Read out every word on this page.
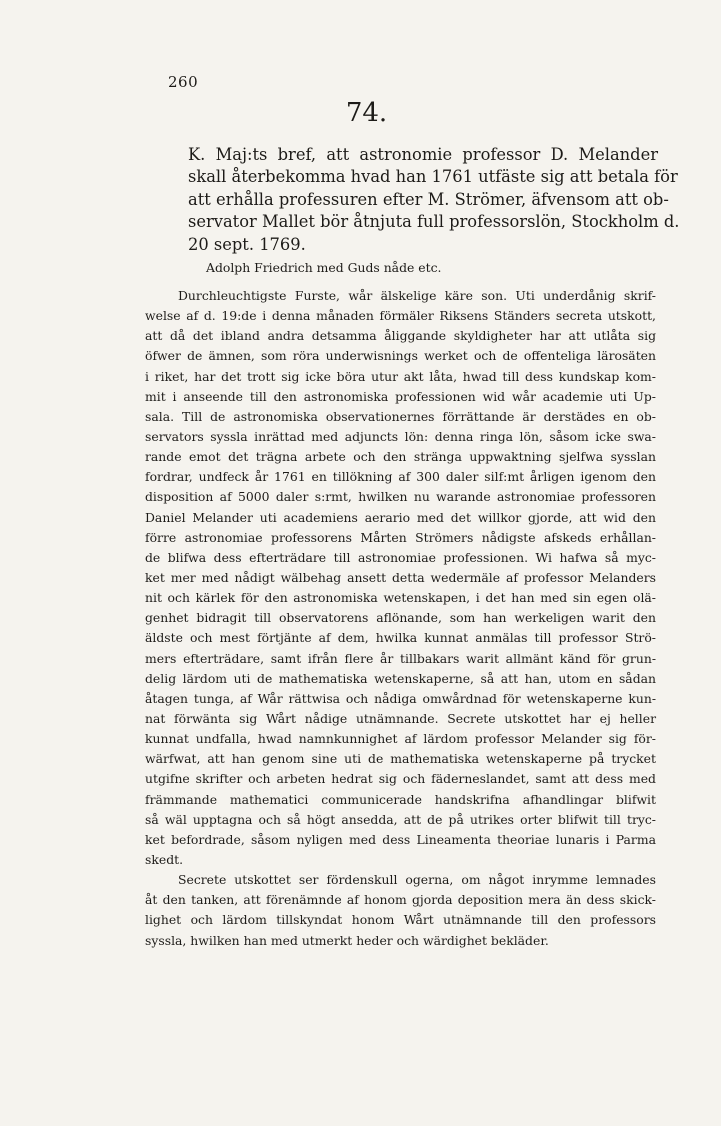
260
74.
K. Maj:ts bref, att astronomie professor D. Melander
skall återbekomma hvad han 1761 utfäste sig att betala för
att erhålla professuren efter M. Strömer, äfvensom att ob-
servator Mallet bör åtnjuta full professorslön, Stockholm d.
20 sept. 1769.
Adolph Friedrich med Guds nåde etc.
Durchleuchtigste Furste, wår älskelige käre son. Uti underdånig skrif-
welse af d. 19:de i denna månaden förmäler Riksens Ständers secreta utskott,
att då det ibland andra detsamma åliggande skyldigheter har att utlåta sig
öfwer de ämnen, som röra underwisnings werket och de offenteliga lärosäten
i riket, har det trott sig icke böra utur akt låta, hwad till dess kundskap kom-
mit i anseende till den astronomiska professionen wid wår academie uti Up-
sala. Till de astronomiska observationernes förrättande är derstädes en ob-
servators syssla inrättad med adjuncts lön: denna ringa lön, såsom icke swa-
rande emot det trägna arbete och den stränga uppwaktning sjelfwa sysslan
fordrar, undfeck år 1761 en tillökning af 300 daler silf:mt årligen igenom den
disposition af 5000 daler s:rmt, hwilken nu warande astronomiae professoren
Daniel Melander uti academiens aerario med det willkor gjorde, att wid den
förre astronomiae professorens Mårten Strömers nådigste afskeds erhållan-
de blifwa dess efterträdare till astronomiae professionen. Wi hafwa så myc-
ket mer med nådigt wälbehag ansett detta wedermäle af professor Melanders
nit och kärlek för den astronomiska wetenskapen, i det han med sin egen olä-
genhet bidragit till observatorens aflönande, som han werkeligen warit den
äldste och mest förtjänte af dem, hwilka kunnat anmälas till professor Strö-
mers efterträdare, samt ifrån flere år tillbakars warit allmänt känd för grun-
delig lärdom uti de mathematiska wetenskaperne, så att han, utom en sådan
åtagen tunga, af Wår rättwisa och nådiga omwårdnad för wetenskaperne kun-
nat förwänta sig Wårt nådige utnämnande. Secrete utskottet har ej heller
kunnat undfalla, hwad namnkunnighet af lärdom professor Melander sig för-
wärfwat, att han genom sine uti de mathematiska wetenskaperne på trycket
utgifne skrifter och arbeten hedrat sig och fäderneslandet, samt att dess med
främmande mathematici communicerade handskrifna afhandlingar blifwit
så wäl upptagna och så högt ansedda, att de på utrikes orter blifwit till tryc-
ket befordrade, såsom nyligen med dess Lineamenta theoriae lunaris i Parma
skedt.
Secrete utskottet ser fördenskull ogerna, om något inrymme lemnades
åt den tanken, att förenämnde af honom gjorda deposition mera än dess skick-
lighet och lärdom tillskyndat honom Wårt utnämnande till den professors
syssla, hwilken han med utmerkt heder och wärdighet bekläder.
